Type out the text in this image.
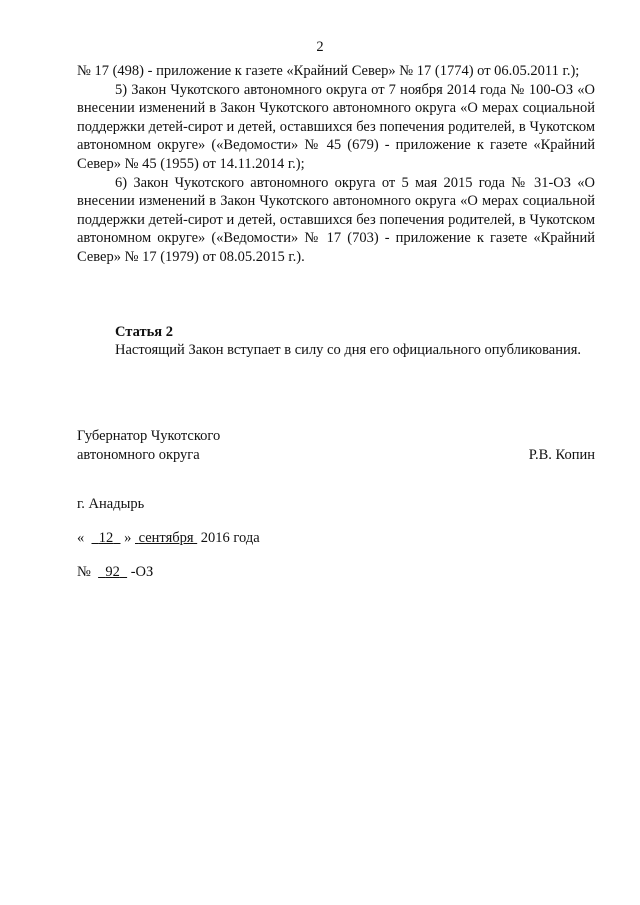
2

№ 17 (498) - приложение к газете «Крайний Север» № 17 (1774) от 06.05.2011 г.);

5) Закон Чукотского автономного округа от 7 ноября 2014 года № 100-ОЗ «О внесении изменений в Закон Чукотского автономного округа «О мерах социальной поддержки детей-сирот и детей, оставшихся без попечения родителей, в Чукотском автономном округе» («Ведомости» № 45 (679) - приложение к газете «Крайний Север» № 45 (1955) от 14.11.2014 г.);

6) Закон Чукотского автономного округа от 5 мая 2015 года № 31-ОЗ «О внесении изменений в Закон Чукотского автономного округа «О мерах социальной поддержки детей-сирот и детей, оставшихся без попечения родителей, в Чукотском автономном округе» («Ведомости» № 17 (703) - приложение к газете «Крайний Север» № 17 (1979) от 08.05.2015 г.).

Статья 2

Настоящий Закон вступает в силу со дня его официального опубликования.

Губернатор Чукотского
автономного округа	Р.В. Копин
г. Анадырь
« 12 » сентября 2016 года
№ 92 -ОЗ
